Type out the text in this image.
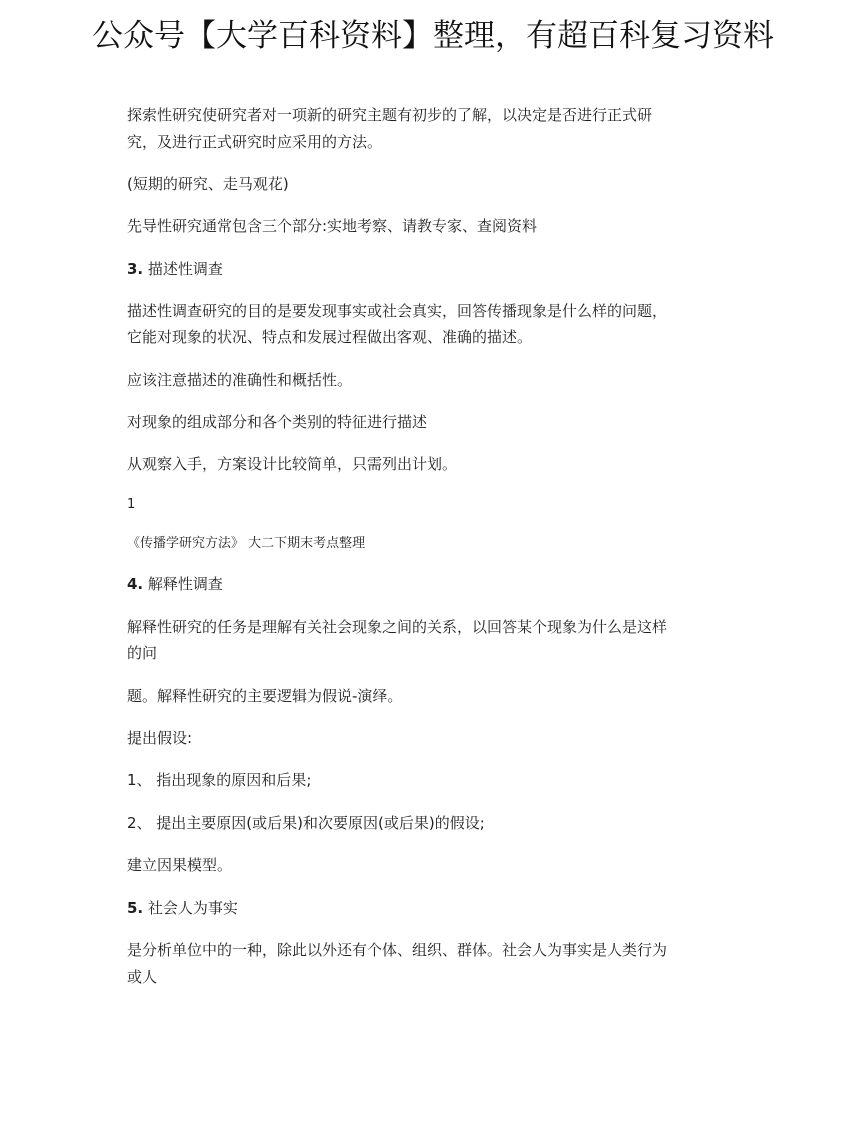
公众号【大学百科资料】整理，有超百科复习资料
探索性研究使研究者对一项新的研究主题有初步的了解，以决定是否进行正式研
究，及进行正式研究时应采用的方法。
(短期的研究、走马观花)
先导性研究通常包含三个部分:实地考察、请教专家、查阅资料
3. 描述性调查
描述性调查研究的目的是要发现事实或社会真实，回答传播现象是什么样的问题，
它能对现象的状况、特点和发展过程做出客观、准确的描述。
应该注意描述的准确性和概括性。
对现象的组成部分和各个类别的特征进行描述
从观察入手，方案设计比较简单，只需列出计划。
1
《传播学研究方法》 大二下期末考点整理
4. 解释性调查
解释性研究的任务是理解有关社会现象之间的关系，以回答某个现象为什么是这样
的问
题。解释性研究的主要逻辑为假说-演绎。
提出假设:
1、 指出现象的原因和后果;
2、 提出主要原因(或后果)和次要原因(或后果)的假设;
建立因果模型。
5. 社会人为事实
是分析单位中的一种，除此以外还有个体、组织、群体。社会人为事实是人类行为
或人
